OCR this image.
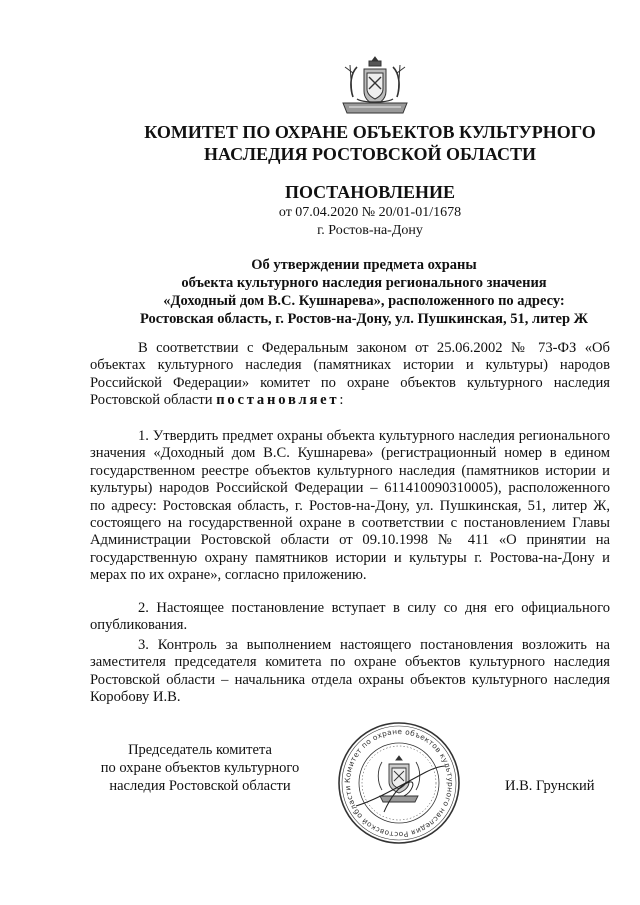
КОМИТЕТ ПО ОХРАНЕ ОБЪЕКТОВ КУЛЬТУРНОГО

НАСЛЕДИЯ РОСТОВСКОЙ ОБЛАСТИ

ПОСТАНОВЛЕНИЕ

от 07.04.2020 № 20/01-01/1678

г. Ростов-на-Дону

Об утверждении предмета охраны

объекта культурного наследия регионального значения

«Доходный дом В.С. Кушнарева», расположенного по адресу:

Ростовская область, г. Ростов-на-Дону, ул. Пушкинская, 51, литер Ж

В соответствии с Федеральным законом от 25.06.2002 № 73-ФЗ «Об объектах культурного наследия (памятниках истории и культуры) народов Российской Федерации» комитет по охране объектов культурного наследия Ростовской области постановляет:

1. Утвердить предмет охраны объекта культурного наследия регионального значения «Доходный дом В.С. Кушнарева» (регистрационный номер в едином государственном реестре объектов культурного наследия (памятников истории и культуры) народов Российской Федерации – 611410090310005), расположенного по адресу: Ростовская область, г. Ростов-на-Дону, ул. Пушкинская, 51, литер Ж, состоящего на государственной охране в соответствии с постановлением Главы Администрации Ростовской области от 09.10.1998 № 411 «О принятии на государственную охрану памятников истории и культуры г. Ростова-на-Дону и мерах по их охране», согласно приложению.

2. Настоящее постановление вступает в силу со дня его официального опубликования.

3. Контроль за выполнением настоящего постановления возложить на заместителя председателя комитета по охране объектов культурного наследия Ростовской области – начальника отдела охраны объектов культурного наследия Коробову И.В.

Председатель комитета

по охране объектов культурного

наследия Ростовской области	Комитет по охране объектов культурного наследия Ростовской области	И.В. Грунский
